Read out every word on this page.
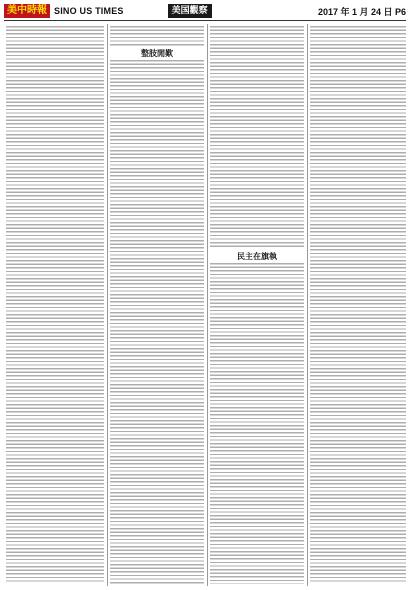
美中時報 SINO US TIMES	美国觀察	2017 年 1 月 24 日 P6
整肢閒歎
民主在旗執
